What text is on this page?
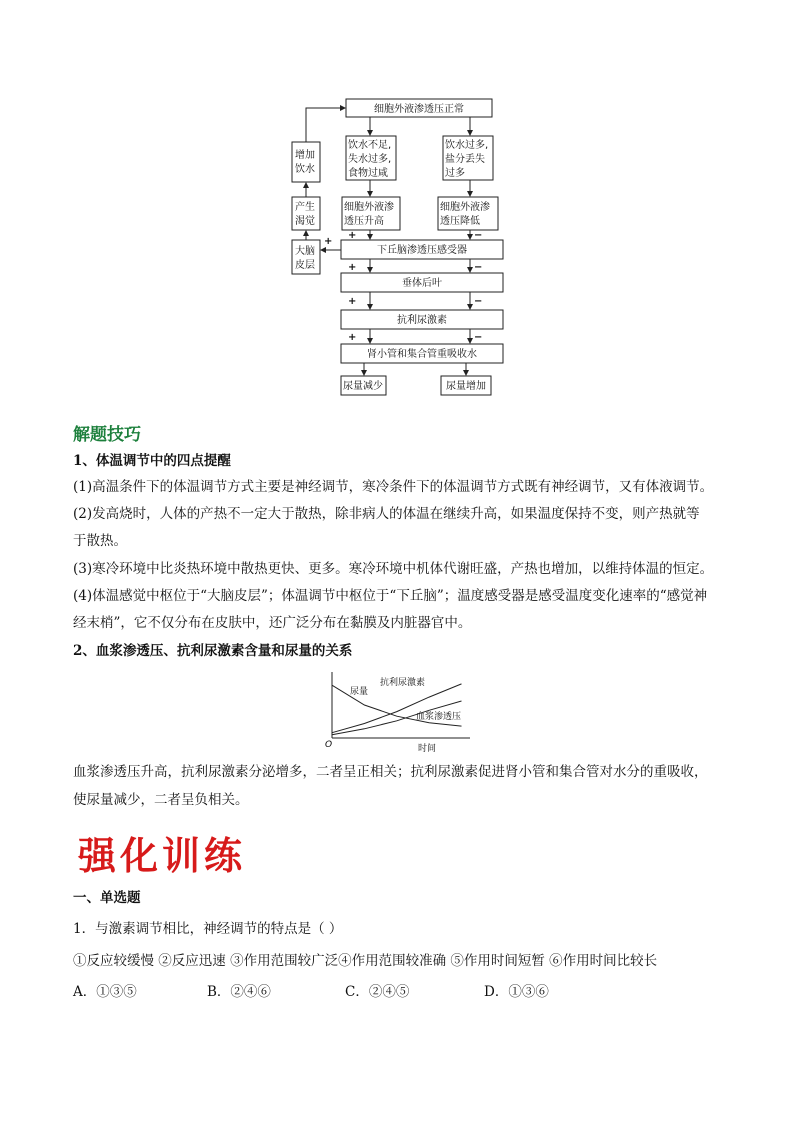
细胞外液渗透压正常
饮水不足,
失水过多,
食物过咸
饮水过多,
盐分丢失
过多
细胞外液渗
透压升高
细胞外液渗
透压降低
增加
饮水
产生
渴觉
大脑
皮层
下丘脑渗透压感受器
垂体后叶
抗利尿激素
肾小管和集合管重吸收水
尿量减少	尿量增加
+	−
+
+	−
+	−
+	−
解题技巧
1、体温调节中的四点提醒
(1)高温条件下的体温调节方式主要是神经调节，寒冷条件下的体温调节方式既有神经调节，又有体液调节。
(2)发高烧时，人体的产热不一定大于散热，除非病人的体温在继续升高，如果温度保持不变，则产热就等
于散热。
(3)寒冷环境中比炎热环境中散热更快、更多。寒冷环境中机体代谢旺盛，产热也增加，以维持体温的恒定。
(4)体温感觉中枢位于“大脑皮层”；体温调节中枢位于“下丘脑”；温度感受器是感受温度变化速率的“感觉神
经末梢”，它不仅分布在皮肤中，还广泛分布在黏膜及内脏器官中。
2、血浆渗透压、抗利尿激素含量和尿量的关系
O	时间
尿量
抗利尿激素
血浆渗透压
血浆渗透压升高，抗利尿激素分泌增多，二者呈正相关；抗利尿激素促进肾小管和集合管对水分的重吸收，
使尿量减少，二者呈负相关。
强化训练
一、单选题
1．与激素调节相比，神经调节的特点是（ ）
①反应较缓慢 ②反应迅速 ③作用范围较广泛④作用范围较准确 ⑤作用时间短暂 ⑥作用时间比较长
A．①③⑤	B．②④⑥	C．②④⑤	D．①③⑥
